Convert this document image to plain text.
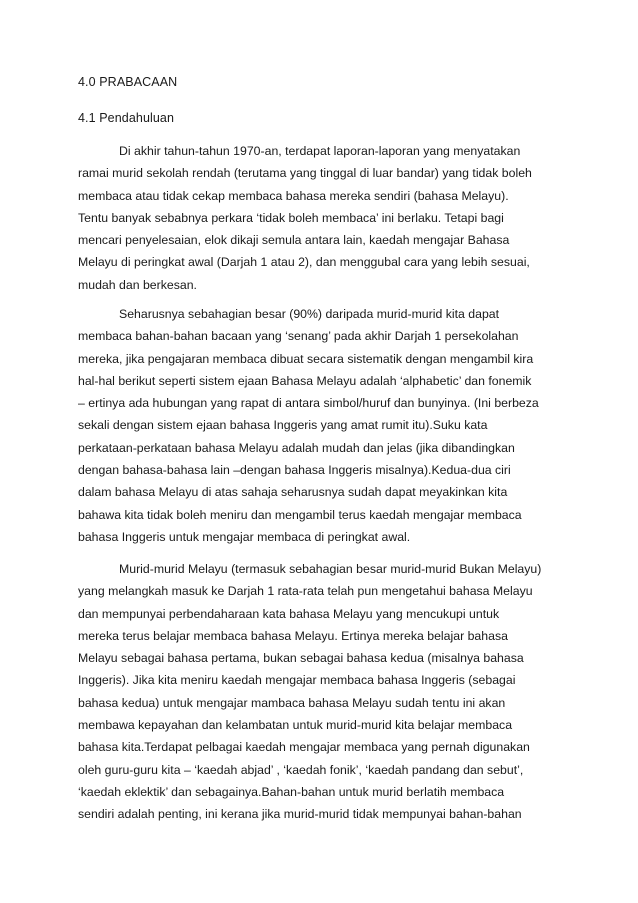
4.0 PRABACAAN
4.1 Pendahuluan
Di akhir tahun-tahun 1970-an, terdapat laporan-laporan yang menyatakan
ramai murid sekolah rendah (terutama yang tinggal di luar bandar) yang tidak boleh
membaca atau tidak cekap membaca bahasa mereka sendiri (bahasa Melayu).
Tentu banyak sebabnya perkara ‘tidak boleh membaca’ ini berlaku. Tetapi bagi
mencari penyelesaian, elok dikaji semula antara lain, kaedah mengajar Bahasa
Melayu di peringkat awal (Darjah 1 atau 2), dan menggubal cara yang lebih sesuai,
mudah dan berkesan.
Seharusnya sebahagian besar (90%) daripada murid-murid kita dapat
membaca bahan-bahan bacaan yang ‘senang’ pada akhir Darjah 1 persekolahan
mereka, jika pengajaran membaca dibuat secara sistematik dengan mengambil kira
hal-hal berikut seperti sistem ejaan Bahasa Melayu adalah ‘alphabetic’ dan fonemik
– ertinya ada hubungan yang rapat di antara simbol/huruf dan bunyinya. (Ini berbeza
sekali dengan sistem ejaan bahasa Inggeris yang amat rumit itu).Suku kata
perkataan-perkataan bahasa Melayu adalah mudah dan jelas (jika dibandingkan
dengan bahasa-bahasa lain –dengan bahasa Inggeris misalnya).Kedua-dua ciri
dalam bahasa Melayu di atas sahaja seharusnya sudah dapat meyakinkan kita
bahawa kita tidak boleh meniru dan mengambil terus kaedah mengajar membaca
bahasa Inggeris untuk mengajar membaca di peringkat awal.
Murid-murid Melayu (termasuk sebahagian besar murid-murid Bukan Melayu)
yang melangkah masuk ke Darjah 1 rata-rata telah pun mengetahui bahasa Melayu
dan mempunyai perbendaharaan kata bahasa Melayu yang mencukupi untuk
mereka terus belajar membaca bahasa Melayu. Ertinya mereka belajar bahasa
Melayu sebagai bahasa pertama, bukan sebagai bahasa kedua (misalnya bahasa
Inggeris). Jika kita meniru kaedah mengajar membaca bahasa Inggeris (sebagai
bahasa kedua) untuk mengajar mambaca bahasa Melayu sudah tentu ini akan
membawa kepayahan dan kelambatan untuk murid-murid kita belajar membaca
bahasa kita.Terdapat pelbagai kaedah mengajar membaca yang pernah digunakan
oleh guru-guru kita – ‘kaedah abjad’ , ‘kaedah fonik’, ‘kaedah pandang dan sebut’,
‘kaedah eklektik’ dan sebagainya.Bahan-bahan untuk murid berlatih membaca
sendiri adalah penting, ini kerana jika murid-murid tidak mempunyai bahan-bahan
